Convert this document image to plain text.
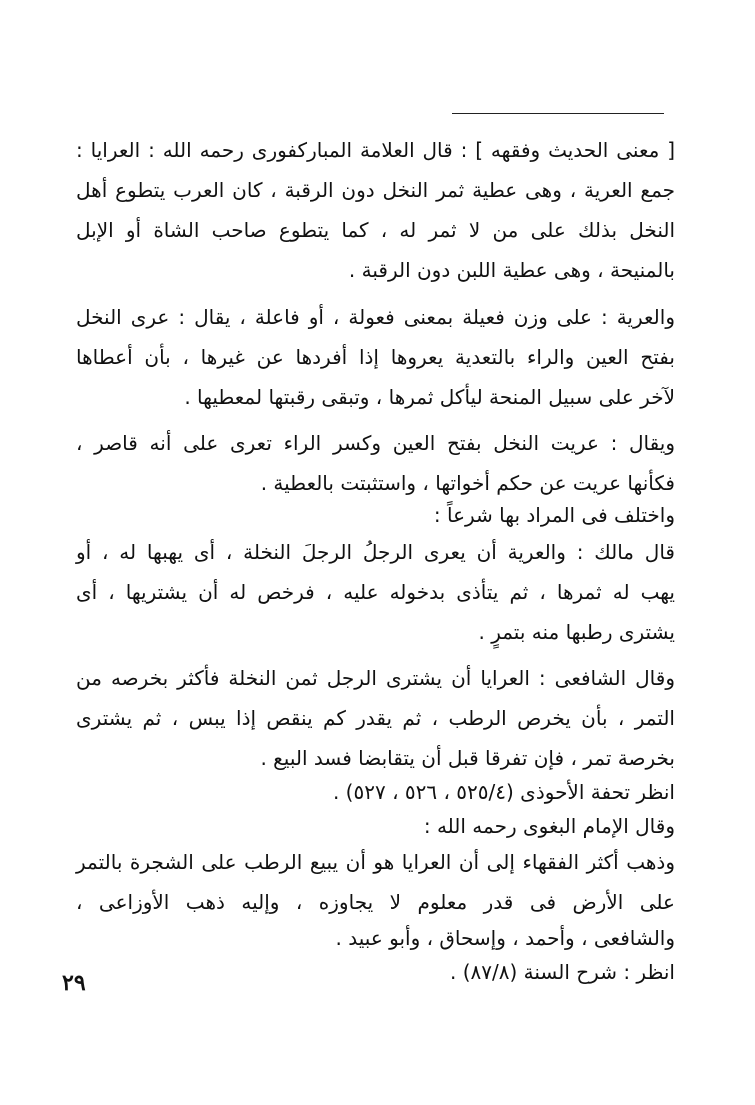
[ معنى الحديث وفقهه ] : قال العلامة المباركفورى رحمه الله : العرايا :
جمع العرية ، وهى عطية ثمر النخل دون الرقبة ، كان العرب يتطوع أهل
النخل بذلك على من لا ثمر له ، كما يتطوع صاحب الشاة أو الإبل
بالمنيحة ، وهى عطية اللبن دون الرقبة .
والعرية : على وزن فعيلة بمعنى فعولة ، أو فاعلة ، يقال : عرى النخل
بفتح العين والراء بالتعدية يعروها إذا أفردها عن غيرها ، بأن أعطاها
لآخر على سبيل المنحة ليأكل ثمرها ، وتبقى رقبتها لمعطيها .
ويقال : عريت النخل بفتح العين وكسر الراء تعرى على أنه قاصر ،
فكأنها عريت عن حكم أخواتها ، واستثبتت بالعطية .
واختلف فى المراد بها شرعاً :
قال مالك : والعرية أن يعرى الرجلُ الرجلَ النخلة ، أى يهبها له ، أو
يهب له ثمرها ، ثم يتأذى بدخوله عليه ، فرخص له أن يشتريها ، أى
يشترى رطبها منه بتمرٍ .
وقال الشافعى : العرايا أن يشترى الرجل ثمن النخلة فأكثر بخرصه من
التمر ، بأن يخرص الرطب ، ثم يقدر كم ينقص إذا يبس ، ثم يشترى
بخرصة تمر ، فإن تفرقا قبل أن يتقابضا فسد البيع .
انظر تحفة الأحوذى (٥٢٥/٤ ، ٥٢٦ ، ٥٢٧) .
وقال الإمام البغوى رحمه الله :
وذهب أكثر الفقهاء إلى أن العرايا هو أن يبيع الرطب على الشجرة بالتمر
على الأرض فى قدر معلوم لا يجاوزه ، وإليه ذهب الأوزاعى ،
والشافعى ، وأحمد ، وإسحاق ، وأبو عبيد .
انظر : شرح السنة (٨٧/٨) .
٢٩
